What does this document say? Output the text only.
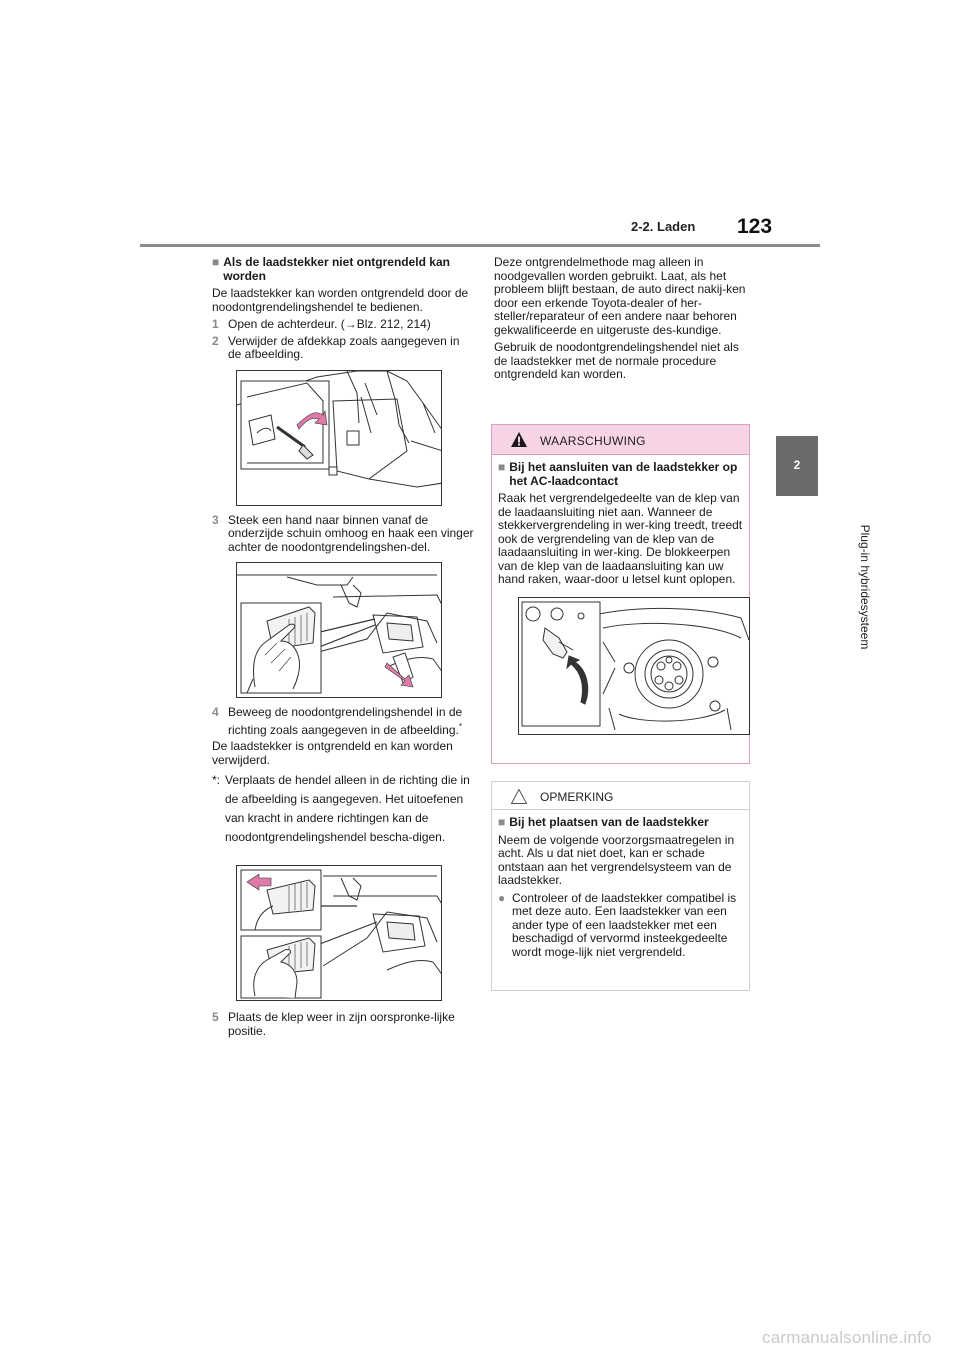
2-2. Laden 123
2
Plug-in hybridesysteem
■ Als de laadstekker niet ontgrendeld kan worden
De laadstekker kan worden ontgrendeld door de noodontgrendelingshendel te bedienen.
1 Open de achterdeur. (→Blz. 212, 214)
2 Verwijder de afdekkap zoals aangegeven in de afbeelding.
3 Steek een hand naar binnen vanaf de onderzijde schuin omhoog en haak een vinger achter de noodontgrendelingshen-del.
4 Beweeg de noodontgrendelingshendel in de richting zoals aangegeven in de afbeelding.*
De laadstekker is ontgrendeld en kan worden verwijderd.
*: Verplaats de hendel alleen in de richting die in de afbeelding is aangegeven. Het uitoefenen van kracht in andere richtingen kan de noodontgrendelingshendel bescha-digen.
5 Plaats de klep weer in zijn oorspronke-lijke positie.
Deze ontgrendelmethode mag alleen in noodgevallen worden gebruikt. Laat, als het probleem blijft bestaan, de auto direct nakij-ken door een erkende Toyota-dealer of her-steller/reparateur of een andere naar behoren gekwalificeerde en uitgeruste des-kundige.
Gebruik de noodontgrendelingshendel niet als de laadstekker met de normale procedure ontgrendeld kan worden.
WAARSCHUWING
■ Bij het aansluiten van de laadstekker op het AC-laadcontact
Raak het vergrendelgedeelte van de klep van de laadaansluiting niet aan. Wanneer de stekkervergrendeling in wer-king treedt, treedt ook de vergrendeling van de klep van de laadaansluiting in wer-king. De blokkeerpen van de klep van de laadaansluiting kan uw hand raken, waar-door u letsel kunt oplopen.
OPMERKING
■ Bij het plaatsen van de laadstekker
Neem de volgende voorzorgsmaatregelen in acht. Als u dat niet doet, kan er schade ontstaan aan het vergrendelsysteem van de laadstekker.
● Controleer of de laadstekker compatibel is met deze auto. Een laadstekker van een ander type of een laadstekker met een beschadigd of vervormd insteekgedeelte wordt moge-lijk niet vergrendeld.
carmanualsonline.info
